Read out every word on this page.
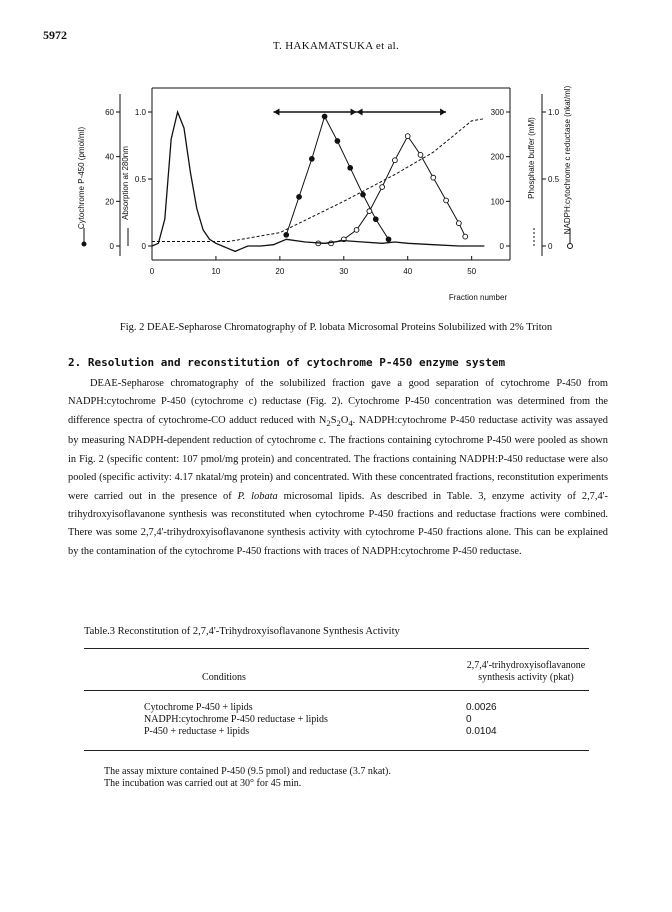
5972
T. HAKAMATSUKA et al.
0	10	20	30	40	50
Fraction number
0
20
40
60
0
0.5
1.0
0
100
200
300
0
0.5
1.0
Cytochrome P-450 (pmol/ml)	Absorption at 280nm	Phosphate buffer (mM)	NADPH:cytochrome c reductase (nkat/ml)
Fig. 2 DEAE-Sepharose Chromatography of P. lobata Microsomal Proteins Solubilized with 2% Triton
2. Resolution and reconstitution of cytochrome P-450 enzyme system

DEAE-Sepharose chromatography of the solubilized fraction gave a good separation of cytochrome P-450 from NADPH:cytochrome P-450 (cytochrome c) reductase (Fig. 2). Cytochrome P-450 concentration was determined from the difference spectra of cytochrome-CO adduct reduced with $N_2S_2O_4$. NADPH:cytochrome P-450 reductase activity was assayed by measuring NADPH-dependent reduction of cytochrome c. The fractions containing cytochrome P-450 were pooled as shown in Fig. 2 (specific content: 107 pmol/mg protein) and concentrated. The fractions containing NADPH:P-450 reductase were also pooled (specific activity: 4.17 nkatal/mg protein) and concentrated. With these concentrated fractions, reconstitution experiments were carried out in the presence of P. lobata microsomal lipids. As described in Table. 3, enzyme activity of 2,7,4'-trihydroxyisoflavanone synthesis was reconstituted when cytochrome P-450 fractions and reductase fractions were combined. There was some 2,7,4'-trihydroxyisoflavanone synthesis activity with cytochrome P-450 fractions alone. This can be explained by the contamination of the cytochrome P-450 fractions with traces of NADPH:cytochrome P-450 reductase.

Table.3 Reconstitution of 2,7,4'-Trihydroxyisoflavanone Synthesis Activity
2,7,4'-trihydroxyisoflavanone
synthesis activity (pkat)
Conditions
Cytochrome P-450 + lipids	0.0026
NADPH:cytochrome P-450 reductase + lipids	0
P-450 + reductase + lipids	0.0104
The assay mixture contained P-450 (9.5 pmol) and reductase (3.7 nkat).
The incubation was carried out at 30° for 45 min.
